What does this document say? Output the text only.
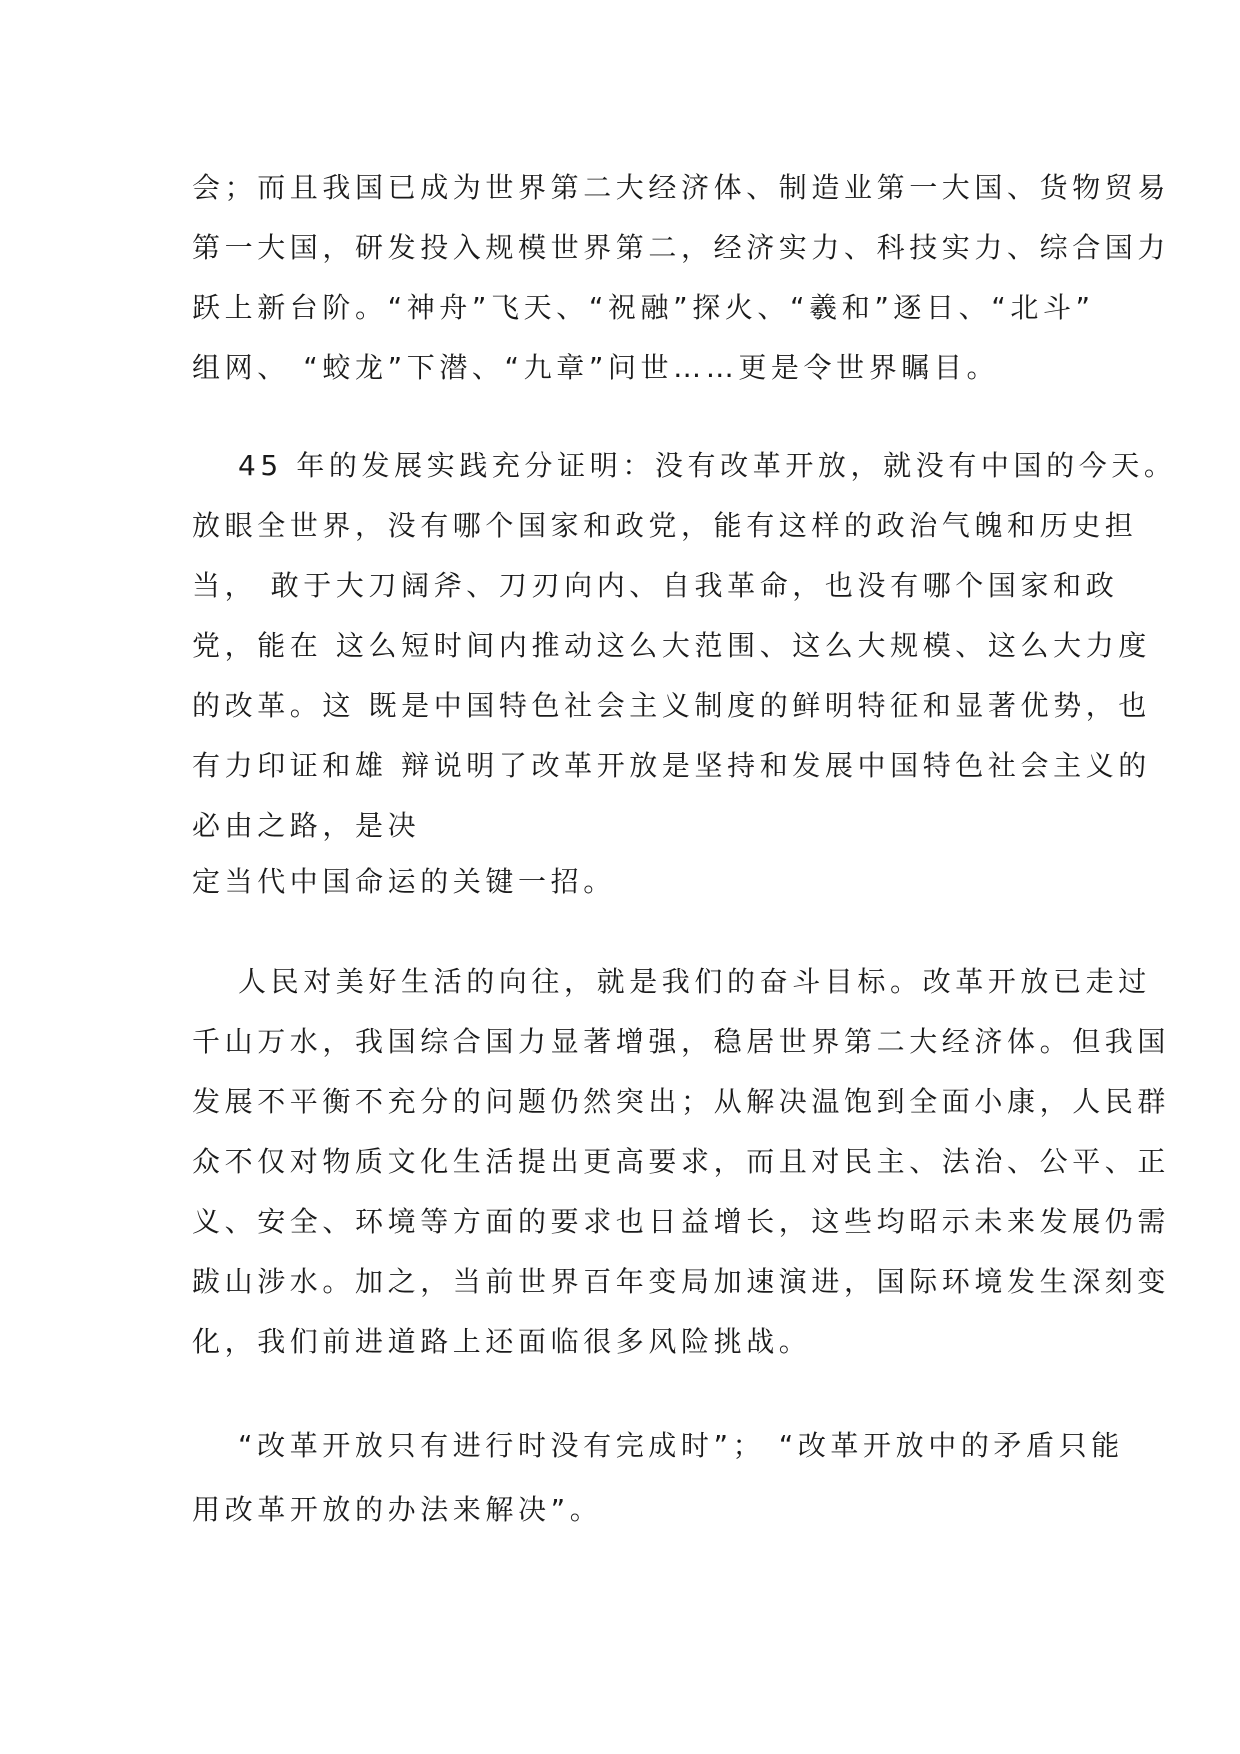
会；而且我国已成为世界第二大经济体、制造业第一大国、货物贸易
第一大国，研发投入规模世界第二，经济实力、科技实力、综合国力
跃上新台阶。“神舟”飞天、“祝融”探火、“羲和”逐日、“北斗”
组网、 “蛟龙”下潜、“九章”问世……更是令世界瞩目。
45 年的发展实践充分证明：没有改革开放，就没有中国的今天。
放眼全世界，没有哪个国家和政党，能有这样的政治气魄和历史担
当， 敢于大刀阔斧、刀刃向内、自我革命，也没有哪个国家和政
党，能在 这么短时间内推动这么大范围、这么大规模、这么大力度
的改革。这 既是中国特色社会主义制度的鲜明特征和显著优势，也
有力印证和雄 辩说明了改革开放是坚持和发展中国特色社会主义的
必由之路，是决
定当代中国命运的关键一招。
人民对美好生活的向往，就是我们的奋斗目标。改革开放已走过
千山万水，我国综合国力显著增强，稳居世界第二大经济体。但我国
发展不平衡不充分的问题仍然突出；从解决温饱到全面小康，人民群
众不仅对物质文化生活提出更高要求，而且对民主、法治、公平、正
义、安全、环境等方面的要求也日益增长，这些均昭示未来发展仍需
跋山涉水。加之，当前世界百年变局加速演进，国际环境发生深刻变
化，我们前进道路上还面临很多风险挑战。
“改革开放只有进行时没有完成时”； “改革开放中的矛盾只能
用改革开放的办法来解决”。
